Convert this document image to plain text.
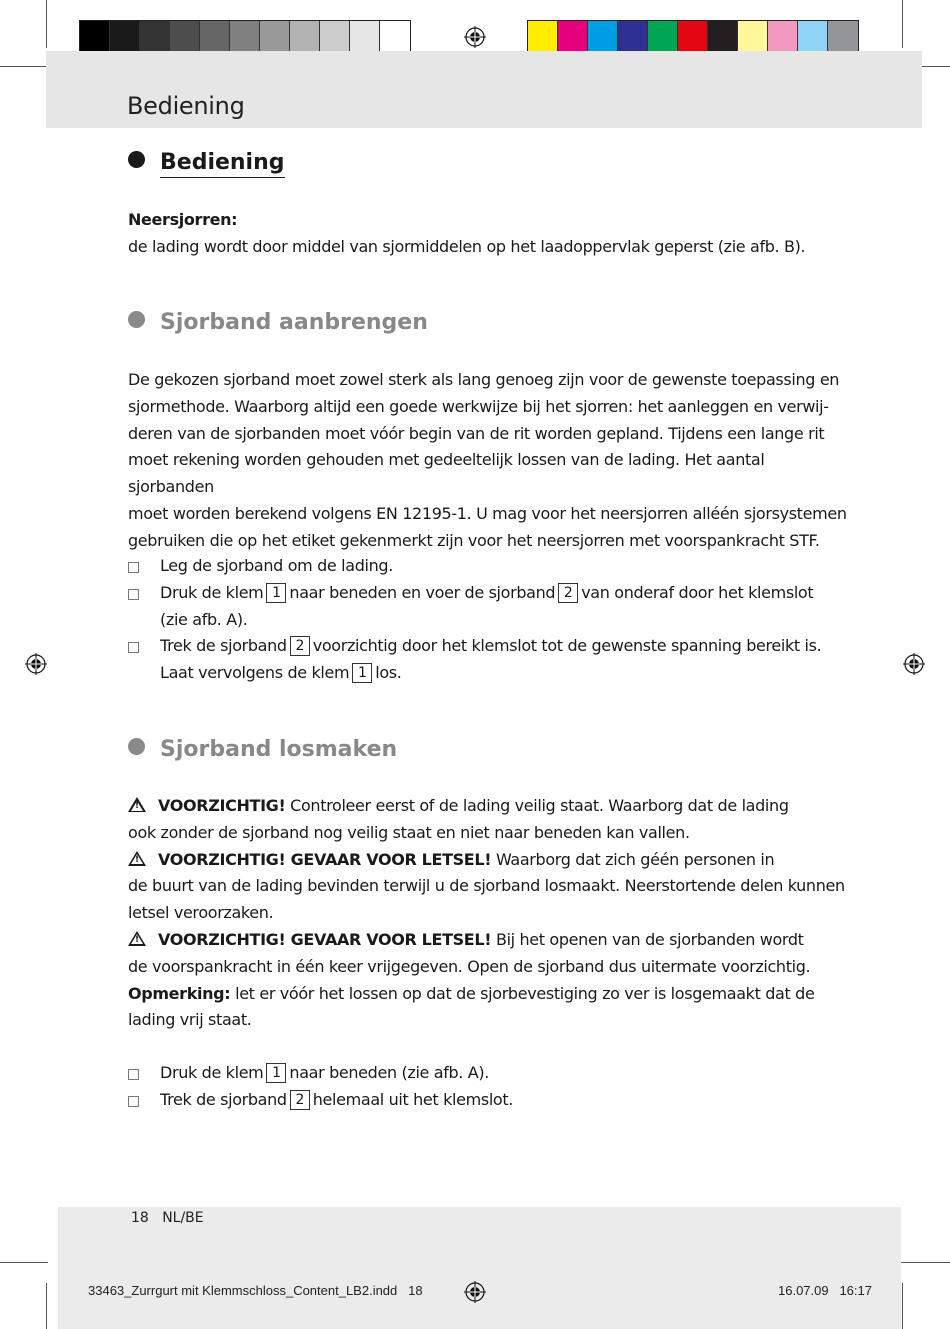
Bediening
Bediening

Neersjorren:

de lading wordt door middel van sjormiddelen op het laadoppervlak geperst (zie afb. B).

Sjorband aanbrengen

De gekozen sjorband moet zowel sterk als lang genoeg zijn voor de gewenste toepassing en

sjormethode. Waarborg altijd een goede werkwijze bij het sjorren: het aanleggen en verwij-

deren van de sjorbanden moet vóór begin van de rit worden gepland. Tijdens een lange rit

moet rekening worden gehouden met gedeeltelijk lossen van de lading. Het aantal sjorbanden

moet worden berekend volgens EN 12195-1. U mag voor het neersjorren alléén sjorsystemen

gebruiken die op het etiket gekenmerkt zijn voor het neersjorren met voorspankracht STF.

Leg de sjorband om de lading.
Druk de klem 1 naar beneden en voer de sjorband 2 van onderaf door het klemslot
(zie afb. A).
Trek de sjorband 2 voorzichtig door het klemslot tot de gewenste spanning bereikt is.
Laat vervolgens de klem 1 los.
Sjorband losmaken

!VOORZICHTIG! Controleer eerst of de lading veilig staat. Waarborg dat de lading

ook zonder de sjorband nog veilig staat en niet naar beneden kan vallen.

!VOORZICHTIG! GEVAAR VOOR LETSEL! Waarborg dat zich géén personen in

de buurt van de lading bevinden terwijl u de sjorband losmaakt. Neerstortende delen kunnen

letsel veroorzaken.

!VOORZICHTIG! GEVAAR VOOR LETSEL! Bij het openen van de sjorbanden wordt

de voorspankracht in één keer vrijgegeven. Open de sjorband dus uitermate voorzichtig.

Opmerking: let er vóór het lossen op dat de sjorbevestiging zo ver is losgemaakt dat de

lading vrij staat.

Druk de klem 1 naar beneden (zie afb. A).
Trek de sjorband 2 helemaal uit het klemslot.
18 NL/BE
33463_Zurrgurt mit Klemmschloss_Content_LB2.indd   18	16.07.09 16:17
